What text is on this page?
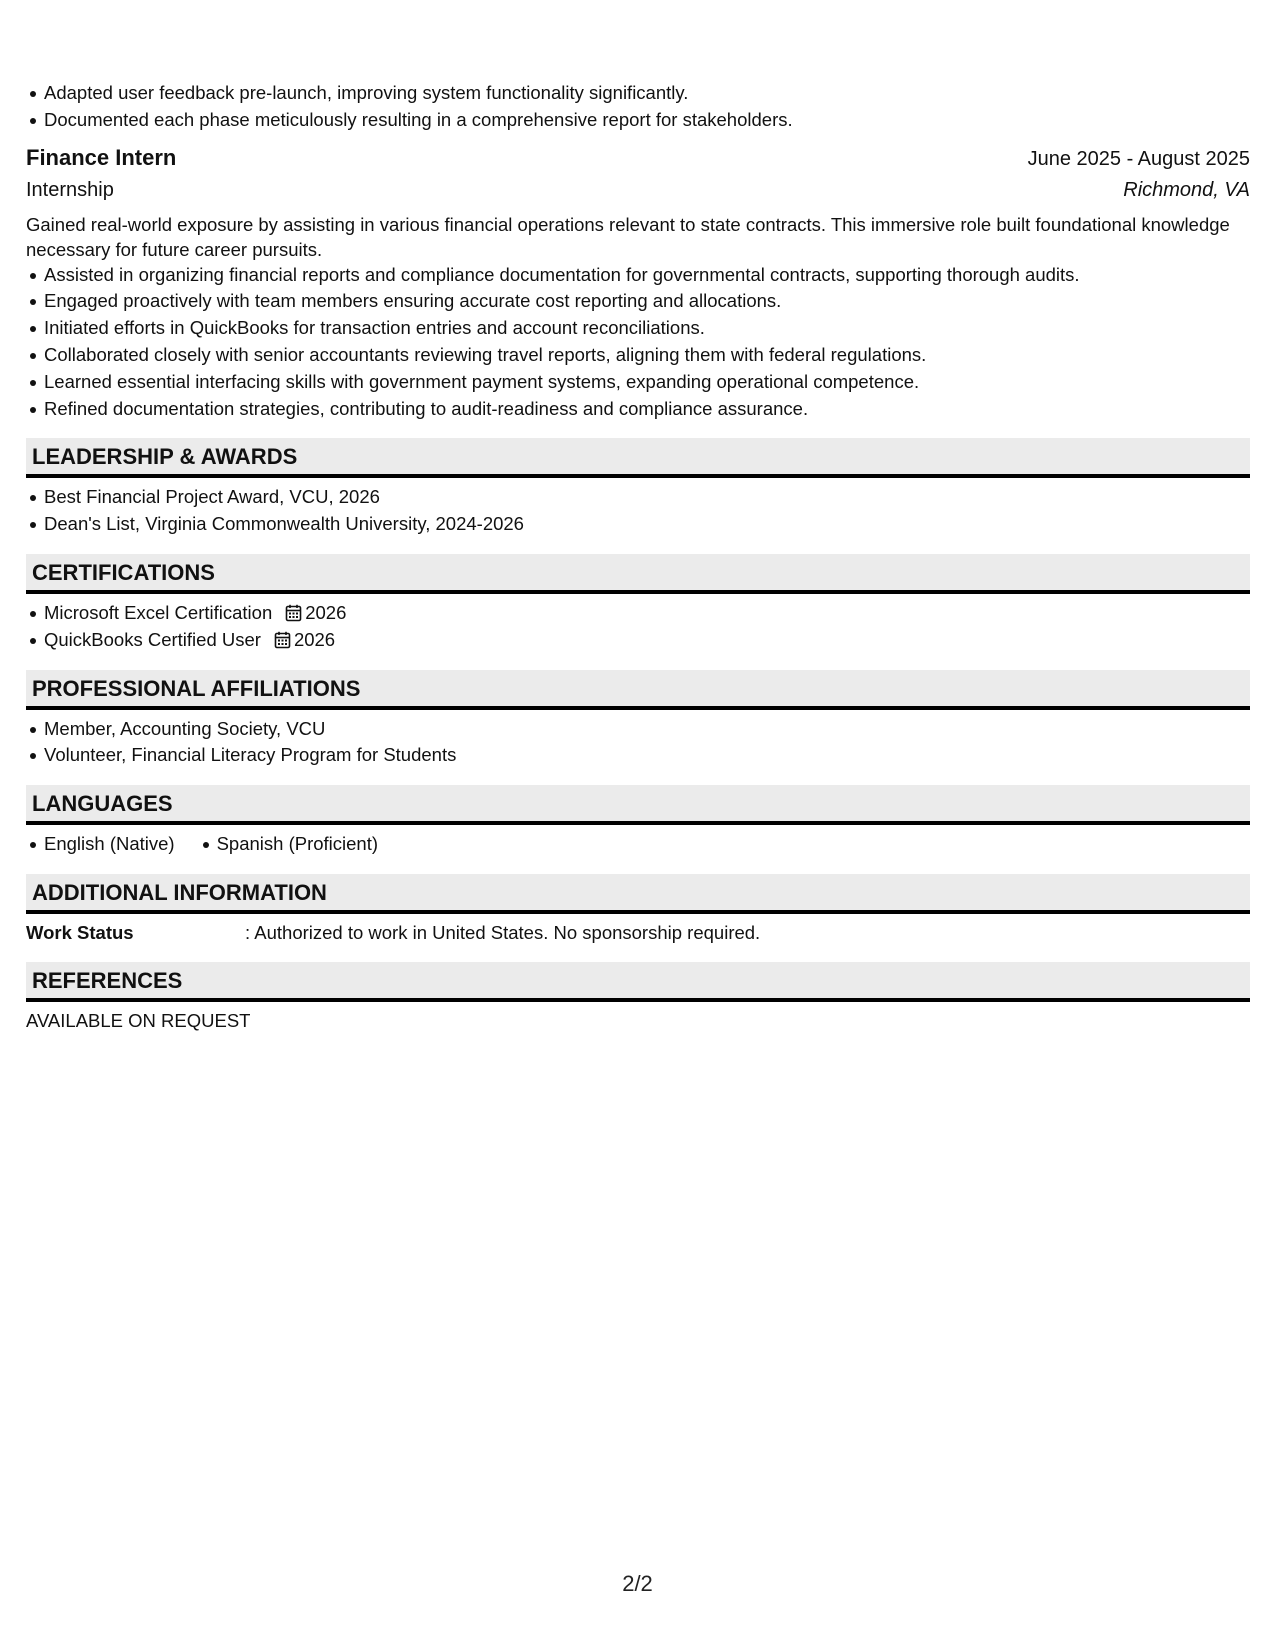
Adapted user feedback pre-launch, improving system functionality significantly.
Documented each phase meticulously resulting in a comprehensive report for stakeholders.
Finance Intern	June 2025 - August 2025
Internship	Richmond, VA
Gained real-world exposure by assisting in various financial operations relevant to state contracts. This immersive role built foundational knowledge necessary for future career pursuits.
Assisted in organizing financial reports and compliance documentation for governmental contracts, supporting thorough audits.
Engaged proactively with team members ensuring accurate cost reporting and allocations.
Initiated efforts in QuickBooks for transaction entries and account reconciliations.
Collaborated closely with senior accountants reviewing travel reports, aligning them with federal regulations.
Learned essential interfacing skills with government payment systems, expanding operational competence.
Refined documentation strategies, contributing to audit-readiness and compliance assurance.
LEADERSHIP & AWARDS
Best Financial Project Award, VCU, 2026
Dean's List, Virginia Commonwealth University, 2024-2026
CERTIFICATIONS
Microsoft Excel Certification 2026
QuickBooks Certified User 2026
PROFESSIONAL AFFILIATIONS
Member, Accounting Society, VCU
Volunteer, Financial Literacy Program for Students
LANGUAGES
English (Native) Spanish (Proficient)
ADDITIONAL INFORMATION
Work Status	: Authorized to work in United States. No sponsorship required.
REFERENCES
AVAILABLE ON REQUEST
2/2
